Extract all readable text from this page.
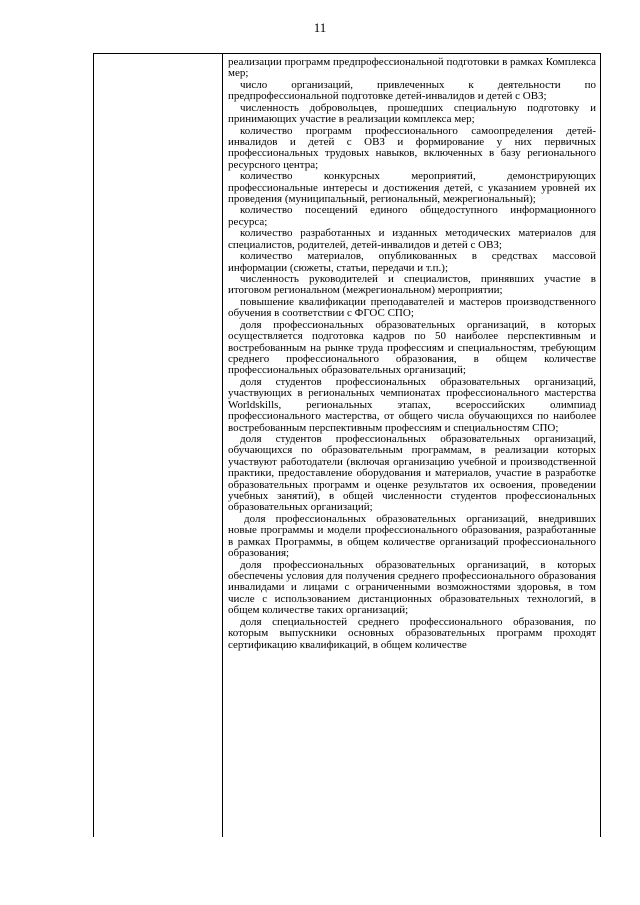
11

реализации программ предпрофессиональной подготовки в рамках Комплекса мер;

число организаций, привлеченных к деятельности по предпрофессиональной подготовке детей-инвалидов и детей с ОВЗ;

численность добровольцев, прошедших специальную подготовку и принимающих участие в реализации комплекса мер;

количество программ профессионального самоопределения детей-инвалидов и детей с ОВЗ и формирование у них первичных профессиональных трудовых навыков, включенных в базу регионального ресурсного центра;

количество конкурсных мероприятий, демонстрирующих профессиональные интересы и достижения детей, с указанием уровней их проведения (муниципальный, региональный, межрегиональный);

количество посещений единого общедоступного информационного ресурса;

количество разработанных и изданных методических материалов для специалистов, родителей, детей-инвалидов и детей с ОВЗ;

количество материалов, опубликованных в средствах массовой информации (сюжеты, статьи, передачи и т.п.);

численность руководителей и специалистов, принявших участие в итоговом региональном (межрегиональном) мероприятии;

повышение квалификации преподавателей и мастеров производственного обучения в соответствии с ФГОС СПО;

доля профессиональных образовательных организаций, в которых осуществляется подготовка кадров по 50 наиболее перспективным и востребованным на рынке труда профессиям и специальностям, требующим среднего профессионального образования, в общем количестве профессиональных образовательных организаций;

доля студентов профессиональных образовательных организаций, участвующих в региональных чемпионатах профессионального мастерства Worldskills, региональных этапах, всероссийских олимпиад профессионального мастерства, от общего числа обучающихся по наиболее востребованным перспективным профессиям и специальностям СПО;

доля студентов профессиональных образовательных организаций, обучающихся по образовательным программам, в реализации которых участвуют работодатели (включая организацию учебной и производственной практики, предоставление оборудования и материалов, участие в разработке образовательных программ и оценке результатов их освоения, проведении учебных занятий), в общей численности студентов профессиональных образовательных организаций;

доля профессиональных образовательных организаций, внедривших новые программы и модели профессионального образования, разработанные в рамках Программы, в общем количестве организаций профессионального образования;

доля профессиональных образовательных организаций, в которых обеспечены условия для получения среднего профессионального образования инвалидами и лицами с ограниченными возможностями здоровья, в том числе с использованием дистанционных образовательных технологий, в общем количестве таких организаций;

доля специальностей среднего профессионального образования, по которым выпускники основных образовательных программ проходят сертификацию квалификаций, в общем количестве
